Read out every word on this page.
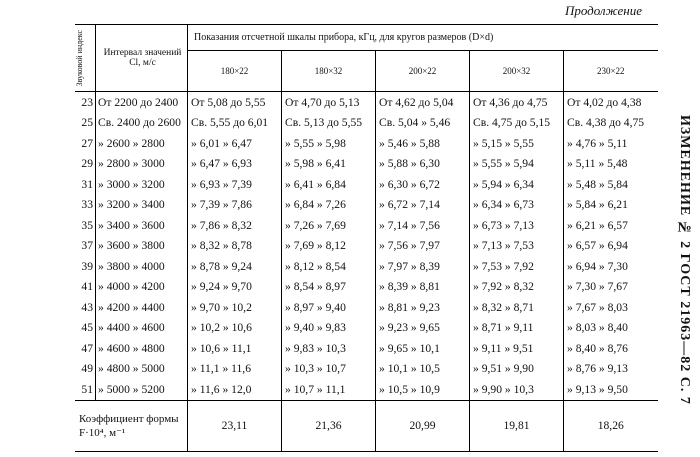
Продолжение
ИЗМЕНЕНИЕ № 2 ГОСТ 21963—82 С. 7
Звуковой индекс	Интервал значений Cl, м/с	Показания отсчетной шкалы прибора, кГц, для кругов размеров (D×d)				
		180×22	180×32	200×22	200×32	230×22
23	От 2200 до 2400	От 5,08 до 5,55	От 4,70 до 5,13	От 4,62 до 5,04	От 4,36 до 4,75	От 4,02 до 4,38
25	Св. 2400 до 2600	Св. 5,55 до 6,01	Св. 5,13 до 5,55	Св. 5,04 » 5,46	Св. 4,75 до 5,15	Св. 4,38 до 4,75
27	» 2600 » 2800	» 6,01 » 6,47	» 5,55 » 5,98	» 5,46 » 5,88	» 5,15 » 5,55	» 4,76 » 5,11
29	» 2800 » 3000	» 6,47 » 6,93	» 5,98 » 6,41	» 5,88 » 6,30	» 5,55 » 5,94	» 5,11 » 5,48
31	» 3000 » 3200	» 6,93 » 7,39	» 6,41 » 6,84	» 6,30 » 6,72	» 5,94 » 6,34	» 5,48 » 5,84
33	» 3200 » 3400	» 7,39 » 7,86	» 6,84 » 7,26	» 6,72 » 7,14	» 6,34 » 6,73	» 5,84 » 6,21
35	» 3400 » 3600	» 7,86 » 8,32	» 7,26 » 7,69	» 7,14 » 7,56	» 6,73 » 7,13	» 6,21 » 6,57
37	» 3600 » 3800	» 8,32 » 8,78	» 7,69 » 8,12	» 7,56 » 7,97	» 7,13 » 7,53	» 6,57 » 6,94
39	» 3800 » 4000	» 8,78 » 9,24	» 8,12 » 8,54	» 7,97 » 8,39	» 7,53 » 7,92	» 6,94 » 7,30
41	» 4000 » 4200	» 9,24 » 9,70	» 8,54 » 8,97	» 8,39 » 8,81	» 7,92 » 8,32	» 7,30 » 7,67
43	» 4200 » 4400	» 9,70 » 10,2	» 8,97 » 9,40	» 8,81 » 9,23	» 8,32 » 8,71	» 7,67 » 8,03
45	» 4400 » 4600	» 10,2 » 10,6	» 9,40 » 9,83	» 9,23 » 9,65	» 8,71 » 9,11	» 8,03 » 8,40
47	» 4600 » 4800	» 10,6 » 11,1	» 9,83 » 10,3	» 9,65 » 10,1	» 9,11 » 9,51	» 8,40 » 8,76
49	» 4800 » 5000	» 11,1 » 11,6	» 10,3 » 10,7	» 10,1 » 10,5	» 9,51 » 9,90	» 8,76 » 9,13
51	» 5000 » 5200	» 11,6 » 12,0	» 10,7 » 11,1	» 10,5 » 10,9	» 9,90 » 10,3	» 9,13 » 9,50
Коэффициент формы F·10⁴, м⁻¹		23,11	21,36	20,99	19,81	18,26
